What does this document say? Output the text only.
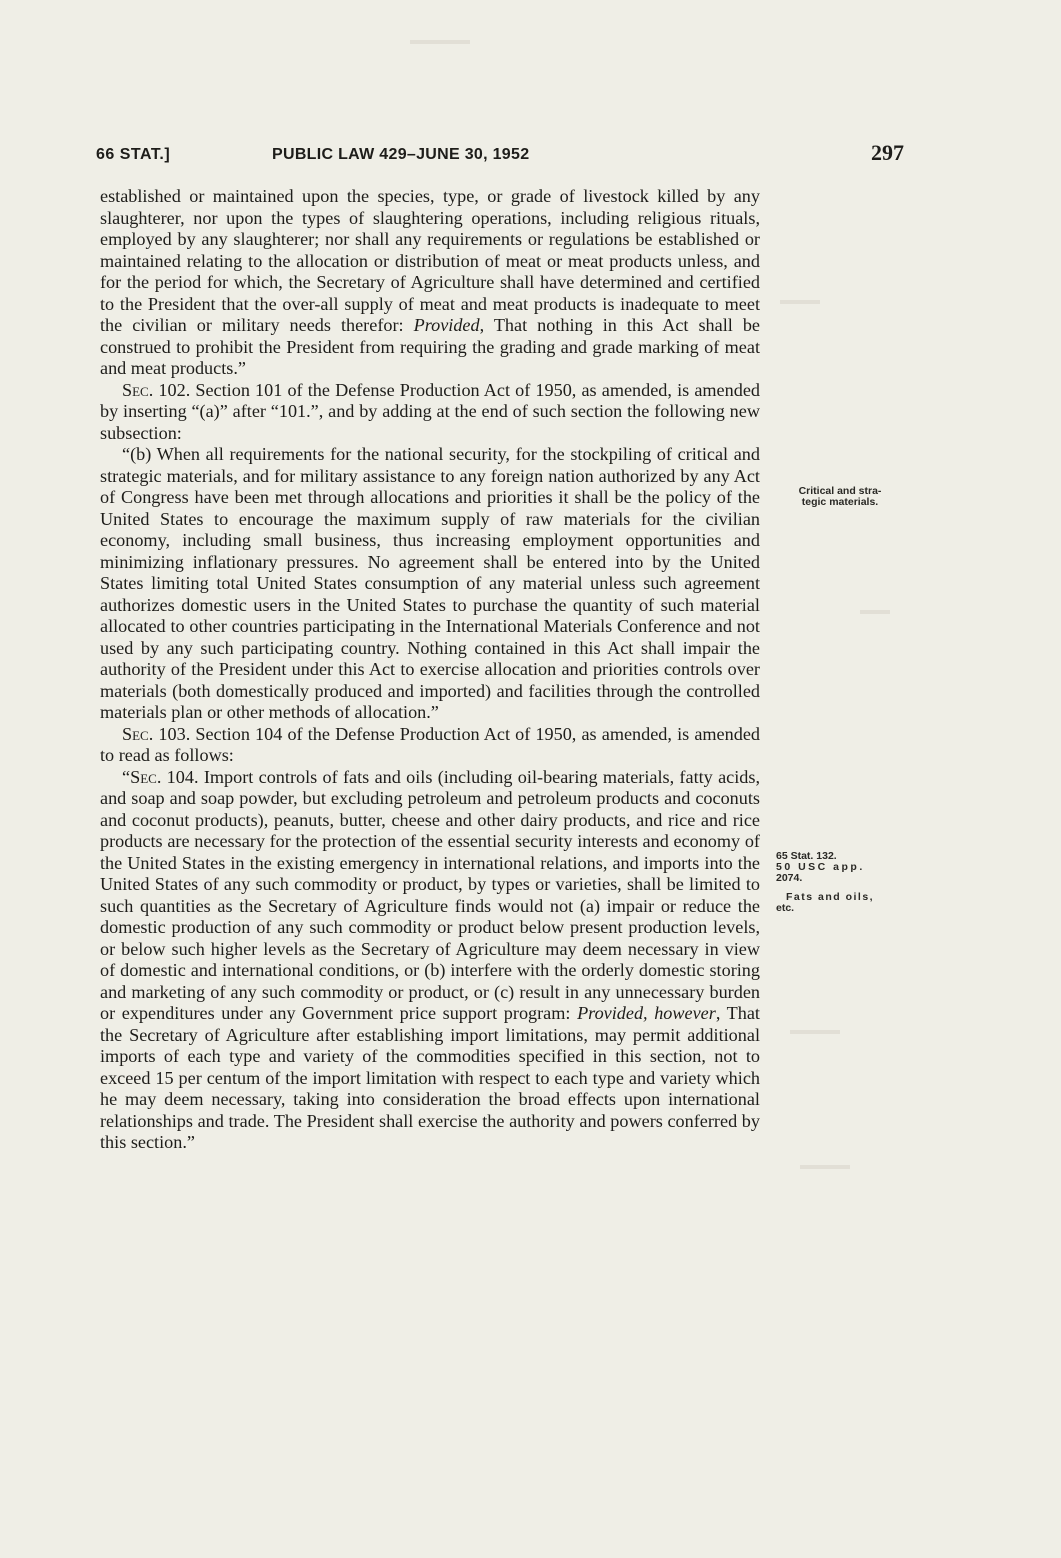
66 STAT.]	PUBLIC LAW 429–JUNE 30, 1952	297

established or maintained upon the species, type, or grade of livestock killed by any slaughterer, nor upon the types of slaughtering operations, including religious rituals, employed by any slaughterer; nor shall any requirements or regulations be established or maintained relating to the allocation or distribution of meat or meat products unless, and for the period for which, the Secretary of Agriculture shall have determined and certified to the President that the over-all supply of meat and meat products is inadequate to meet the civilian or military needs therefor: Provided, That nothing in this Act shall be construed to prohibit the President from requiring the grading and grade marking of meat and meat products.”

Sec. 102. Section 101 of the Defense Production Act of 1950, as amended, is amended by inserting “(a)” after “101.”, and by adding at the end of such section the following new subsection:

“(b) When all requirements for the national security, for the stockpiling of critical and strategic materials, and for military assistance to any foreign nation authorized by any Act of Congress have been met through allocations and priorities it shall be the policy of the United States to encourage the maximum supply of raw materials for the civilian economy, including small business, thus increasing employment opportunities and minimizing inflationary pressures. No agreement shall be entered into by the United States limiting total United States consumption of any material unless such agreement authorizes domestic users in the United States to purchase the quantity of such material allocated to other countries participating in the International Materials Conference and not used by any such participating country. Nothing contained in this Act shall impair the authority of the President under this Act to exercise allocation and priorities controls over materials (both domestically produced and imported) and facilities through the controlled materials plan or other methods of allocation.”

Sec. 103. Section 104 of the Defense Production Act of 1950, as amended, is amended to read as follows:

“Sec. 104. Import controls of fats and oils (including oil-bearing materials, fatty acids, and soap and soap powder, but excluding petroleum and petroleum products and coconuts and coconut products), peanuts, butter, cheese and other dairy products, and rice and rice products are necessary for the protection of the essential security interests and economy of the United States in the existing emergency in international relations, and imports into the United States of any such commodity or product, by types or varieties, shall be limited to such quantities as the Secretary of Agriculture finds would not (a) impair or reduce the domestic production of any such commodity or product below present production levels, or below such higher levels as the Secretary of Agriculture may deem necessary in view of domestic and international conditions, or (b) interfere with the orderly domestic storing and marketing of any such commodity or product, or (c) result in any unnecessary burden or expenditures under any Government price support program: Provided, however, That the Secretary of Agriculture after establishing import limitations, may permit additional imports of each type and variety of the commodities specified in this section, not to exceed 15 per centum of the import limitation with respect to each type and variety which he may deem necessary, taking into consideration the broad effects upon international relationships and trade. The President shall exercise the authority and powers conferred by this section.”

Critical and stra-
tegic materials.
65 Stat. 132.
50 USC app.
2074.
Fats and oils,
etc.
